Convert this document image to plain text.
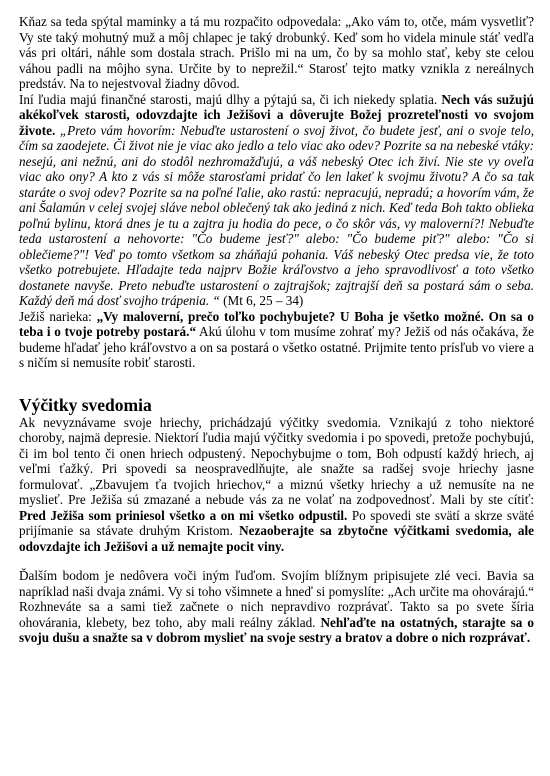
Kňaz sa teda spýtal maminky a tá mu rozpačito odpovedala: „Ako vám to, otče, mám vysvetliť? Vy ste taký mohutný muž a môj chlapec je taký drobunký. Keď som ho videla minule stáť vedľa vás pri oltári, náhle som dostala strach. Prišlo mi na um, čo by sa mohlo stať, keby ste celou váhou padli na môjho syna. Určite by to neprežil.“ Starosť tejto matky vznikla z nereálnych predstáv. Na to nejestvoval žiadny dôvod.

Iní ľudia majú finančné starosti, majú dlhy a pýtajú sa, či ich niekedy splatia. Nech vás sužujú akékoľvek starosti, odovzdajte ich Ježišovi a dôverujte Božej prozreteľnosti vo svojom živote. „Preto vám hovorím: Nebuďte ustarostení o svoj život, čo budete jesť, ani o svoje telo, čím sa zaodejete. Či život nie je viac ako jedlo a telo viac ako odev? Pozrite sa na nebeské vtáky: nesejú, ani nežnú, ani do stodôl nezhromažďujú, a váš nebeský Otec ich živí. Nie ste vy oveľa viac ako ony? A kto z vás si môže starosťami pridať čo len lakeť k svojmu životu? A čo sa tak staráte o svoj odev? Pozrite sa na poľné ľalie, ako rastú: nepracujú, nepradú; a hovorím vám, že ani Šalamún v celej svojej sláve nebol oblečený tak ako jediná z nich. Keď teda Boh takto oblieka poľnú bylinu, ktorá dnes je tu a zajtra ju hodia do pece, o čo skôr vás, vy maloverní?! Nebuďte teda ustarostení a nehovorte: "Čo budeme jesť?" alebo: "Čo budeme piť?" alebo: "Čo si oblečieme?"! Veď po tomto všetkom sa zháňajú pohania. Váš nebeský Otec predsa vie, že toto všetko potrebujete. Hľadajte teda najprv Božie kráľovstvo a jeho spravodlivosť a toto všetko dostanete navyše. Preto nebuďte ustarostení o zajtrajšok; zajtrajší deň sa postará sám o seba. Každý deň má dosť svojho trápenia. “ (Mt 6, 25 – 34)

Ježiš narieka: „Vy maloverní, prečo toľko pochybujete? U Boha je všetko možné. On sa o teba i o tvoje potreby postará.“ Akú úlohu v tom musíme zohrať my? Ježiš od nás očakáva, že budeme hľadať jeho kráľovstvo a on sa postará o všetko ostatné. Prijmite tento prísľub vo viere a s ničím si nemusíte robiť starosti.

Výčitky svedomia

Ak nevyznávame svoje hriechy, prichádzajú výčitky svedomia. Vznikajú z toho niektoré choroby, najmä depresie. Niektorí ľudia majú výčitky svedomia i po spovedi, pretože pochybujú, či im bol tento či onen hriech odpustený. Nepochybujme o tom, Boh odpustí každý hriech, aj veľmi ťažký. Pri spovedi sa neospravedlňujte, ale snažte sa radšej svoje hriechy jasne formulovať. „Zbavujem ťa tvojich hriechov,“ a miznú všetky hriechy a už nemusíte na ne myslieť. Pre Ježiša sú zmazané a nebude vás za ne volať na zodpovednosť. Mali by ste cítiť: Pred Ježiša som priniesol všetko a on mi všetko odpustil. Po spovedi ste svätí a skrze sväté prijímanie sa stávate druhým Kristom. Nezaoberajte sa zbytočne výčitkami svedomia, ale odovzdajte ich Ježišovi a už nemajte pocit viny.

Ďalším bodom je nedôvera voči iným ľuďom. Svojím blížnym pripisujete zlé veci. Bavia sa napríklad naši dvaja známi. Vy si toho všimnete a hneď si pomyslíte: „Ach určite ma ohovárajú.“ Rozhneváte sa a sami tiež začnete o nich nepravdivo rozprávať. Takto sa po svete šíria ohovárania, klebety, bez toho, aby mali reálny základ. Nehľaďte na ostatných, starajte sa o svoju dušu a snažte sa v dobrom myslieť na svoje sestry a bratov a dobre o nich rozprávať.
